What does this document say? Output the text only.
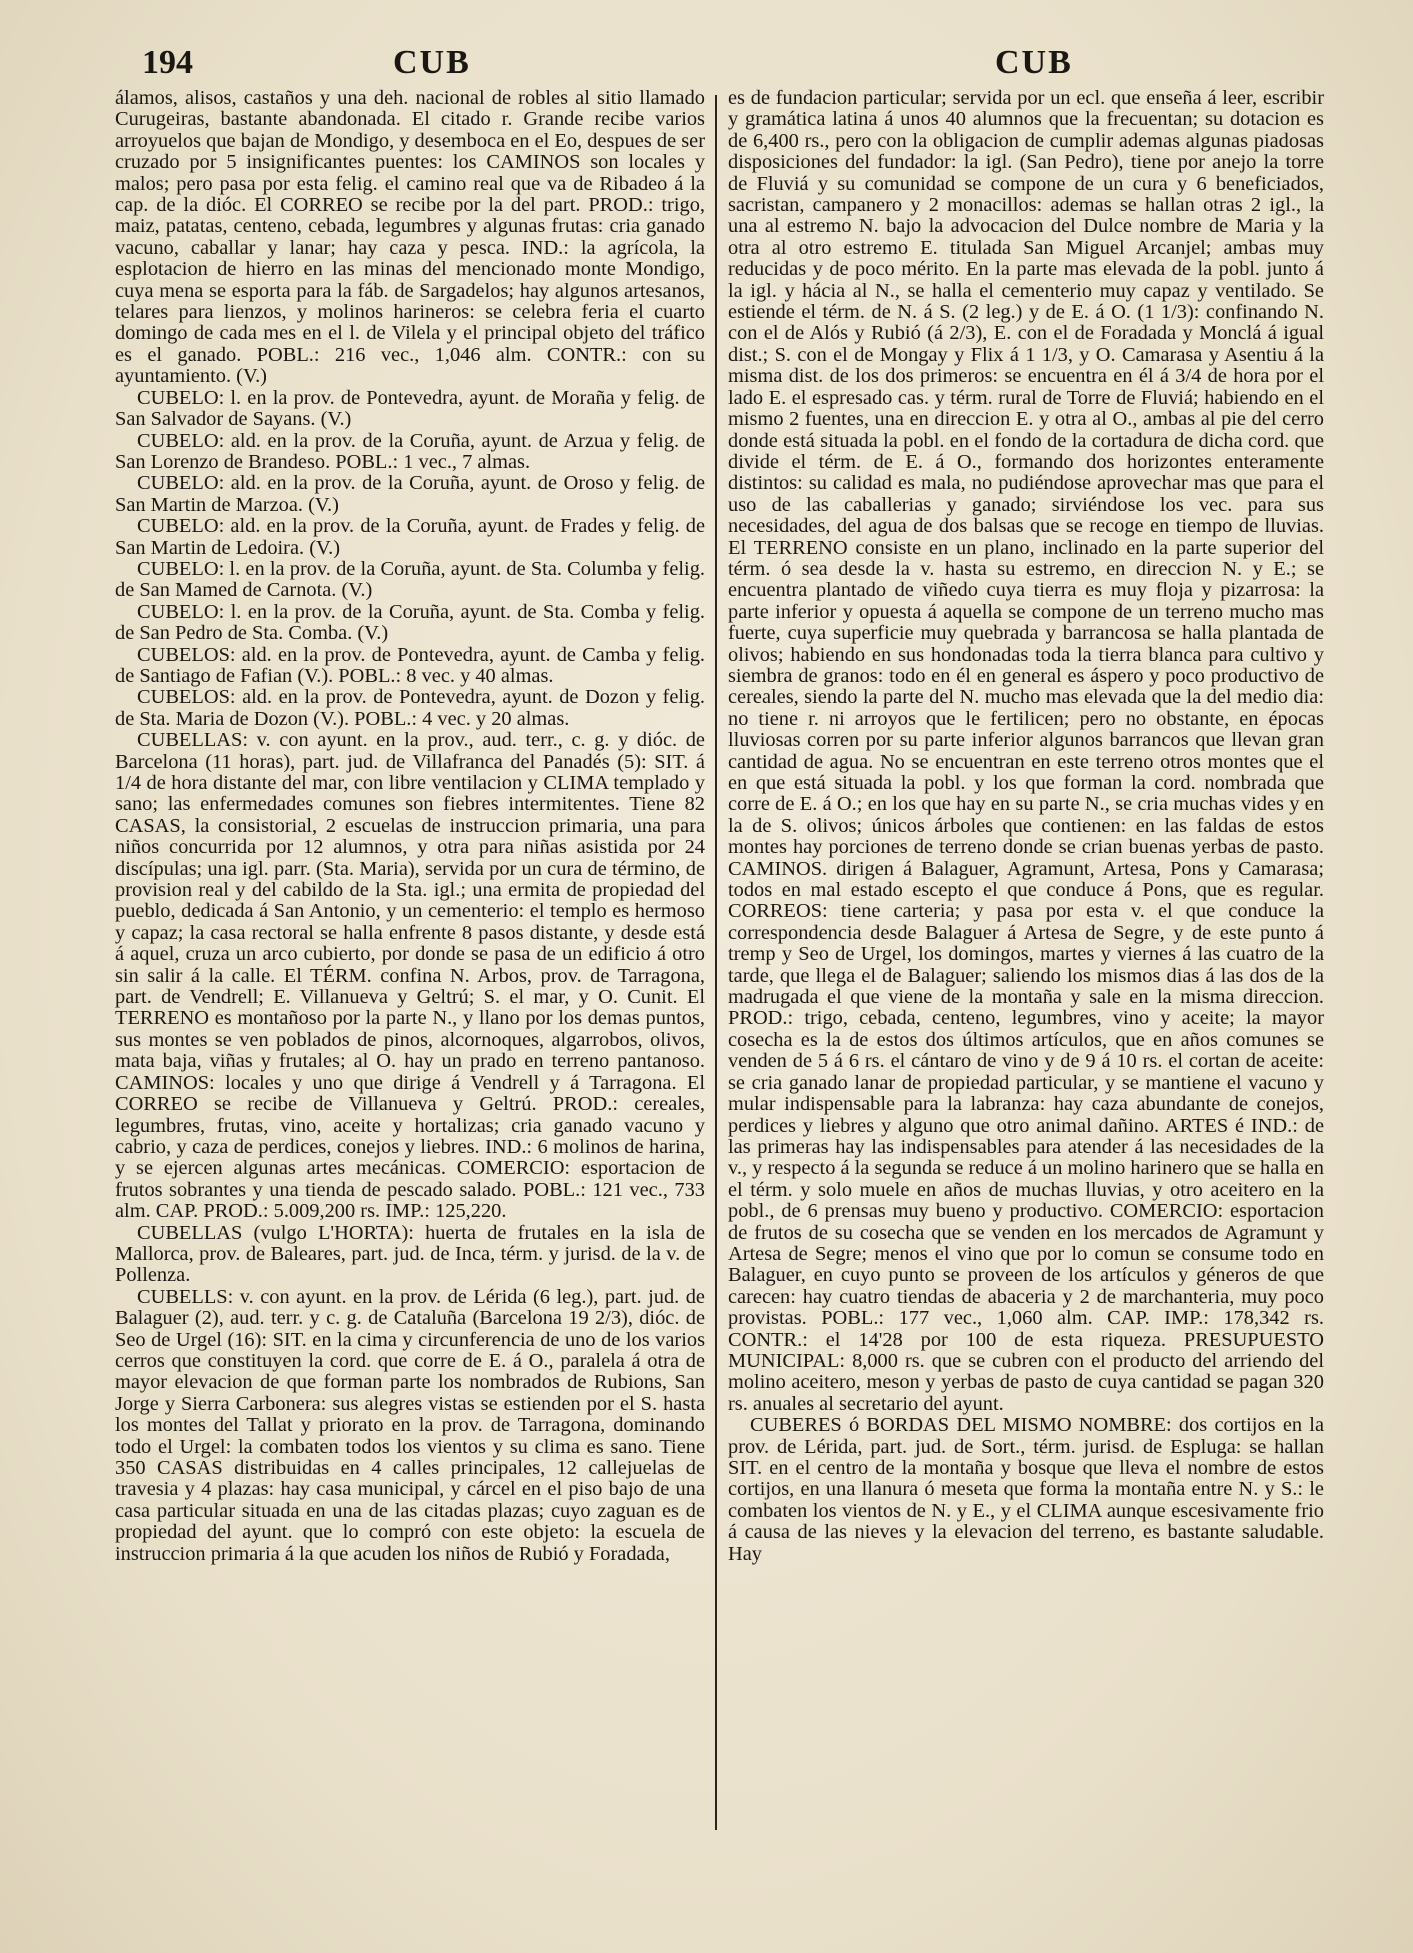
194	CUB	CUB

álamos, alisos, castaños y una deh. nacional de robles al sitio llamado Curugeiras, bastante abandonada. El citado r. Grande recibe varios arroyuelos que bajan de Mondigo, y desemboca en el Eo, despues de ser cruzado por 5 insignificantes puentes: los CAMINOS son locales y malos; pero pasa por esta felig. el camino real que va de Ribadeo á la cap. de la dióc. El CORREO se recibe por la del part. PROD.: trigo, maiz, patatas, centeno, cebada, legumbres y algunas frutas: cria ganado vacuno, caballar y lanar; hay caza y pesca. IND.: la agrícola, la esplotacion de hierro en las minas del mencionado monte Mondigo, cuya mena se esporta para la fáb. de Sargadelos; hay algunos artesanos, telares para lienzos, y molinos harineros: se celebra feria el cuarto domingo de cada mes en el l. de Vilela y el principal objeto del tráfico es el ganado. POBL.: 216 vec., 1,046 alm. CONTR.: con su ayuntamiento. (V.)

CUBELO: l. en la prov. de Pontevedra, ayunt. de Moraña y felig. de San Salvador de Sayans. (V.)

CUBELO: ald. en la prov. de la Coruña, ayunt. de Arzua y felig. de San Lorenzo de Brandeso. POBL.: 1 vec., 7 almas.

CUBELO: ald. en la prov. de la Coruña, ayunt. de Oroso y felig. de San Martin de Marzoa. (V.)

CUBELO: ald. en la prov. de la Coruña, ayunt. de Frades y felig. de San Martin de Ledoira. (V.)

CUBELO: l. en la prov. de la Coruña, ayunt. de Sta. Columba y felig. de San Mamed de Carnota. (V.)

CUBELO: l. en la prov. de la Coruña, ayunt. de Sta. Comba y felig. de San Pedro de Sta. Comba. (V.)

CUBELOS: ald. en la prov. de Pontevedra, ayunt. de Camba y felig. de Santiago de Fafian (V.). POBL.: 8 vec. y 40 almas.

CUBELOS: ald. en la prov. de Pontevedra, ayunt. de Dozon y felig. de Sta. Maria de Dozon (V.). POBL.: 4 vec. y 20 almas.

CUBELLAS: v. con ayunt. en la prov., aud. terr., c. g. y dióc. de Barcelona (11 horas), part. jud. de Villafranca del Panadés (5): SIT. á 1/4 de hora distante del mar, con libre ventilacion y CLIMA templado y sano; las enfermedades comunes son fiebres intermitentes. Tiene 82 CASAS, la consistorial, 2 escuelas de instruccion primaria, una para niños concurrida por 12 alumnos, y otra para niñas asistida por 24 discípulas; una igl. parr. (Sta. Maria), servida por un cura de término, de provision real y del cabildo de la Sta. igl.; una ermita de propiedad del pueblo, dedicada á San Antonio, y un cementerio: el templo es hermoso y capaz; la casa rectoral se halla enfrente 8 pasos distante, y desde está á aquel, cruza un arco cubierto, por donde se pasa de un edificio á otro sin salir á la calle. El TÉRM. confina N. Arbos, prov. de Tarragona, part. de Vendrell; E. Villanueva y Geltrú; S. el mar, y O. Cunit. El TERRENO es montañoso por la parte N., y llano por los demas puntos, sus montes se ven poblados de pinos, alcornoques, algarrobos, olivos, mata baja, viñas y frutales; al O. hay un prado en terreno pantanoso. CAMINOS: locales y uno que dirige á Vendrell y á Tarragona. El CORREO se recibe de Villanueva y Geltrú. PROD.: cereales, legumbres, frutas, vino, aceite y hortalizas; cria ganado vacuno y cabrio, y caza de perdices, conejos y liebres. IND.: 6 molinos de harina, y se ejercen algunas artes mecánicas. COMERCIO: esportacion de frutos sobrantes y una tienda de pescado salado. POBL.: 121 vec., 733 alm. CAP. PROD.: 5.009,200 rs. IMP.: 125,220.

CUBELLAS (vulgo L'HORTA): huerta de frutales en la isla de Mallorca, prov. de Baleares, part. jud. de Inca, térm. y jurisd. de la v. de Pollenza.

CUBELLS: v. con ayunt. en la prov. de Lérida (6 leg.), part. jud. de Balaguer (2), aud. terr. y c. g. de Cataluña (Barcelona 19 2/3), dióc. de Seo de Urgel (16): SIT. en la cima y circunferencia de uno de los varios cerros que constituyen la cord. que corre de E. á O., paralela á otra de mayor elevacion de que forman parte los nombrados de Rubions, San Jorge y Sierra Carbonera: sus alegres vistas se estienden por el S. hasta los montes del Tallat y priorato en la prov. de Tarragona, dominando todo el Urgel: la combaten todos los vientos y su clima es sano. Tiene 350 CASAS distribuidas en 4 calles principales, 12 callejuelas de travesia y 4 plazas: hay casa municipal, y cárcel en el piso bajo de una casa particular situada en una de las citadas plazas; cuyo zaguan es de propiedad del ayunt. que lo compró con este objeto: la escuela de instruccion primaria á la que acuden los niños de Rubió y Foradada,

es de fundacion particular; servida por un ecl. que enseña á leer, escribir y gramática latina á unos 40 alumnos que la frecuentan; su dotacion es de 6,400 rs., pero con la obligacion de cumplir ademas algunas piadosas disposiciones del fundador: la igl. (San Pedro), tiene por anejo la torre de Fluviá y su comunidad se compone de un cura y 6 beneficiados, sacristan, campanero y 2 monacillos: ademas se hallan otras 2 igl., la una al estremo N. bajo la advocacion del Dulce nombre de Maria y la otra al otro estremo E. titulada San Miguel Arcanjel; ambas muy reducidas y de poco mérito. En la parte mas elevada de la pobl. junto á la igl. y hácia al N., se halla el cementerio muy capaz y ventilado. Se estiende el térm. de N. á S. (2 leg.) y de E. á O. (1 1/3): confinando N. con el de Alós y Rubió (á 2/3), E. con el de Foradada y Monclá á igual dist.; S. con el de Mongay y Flix á 1 1/3, y O. Camarasa y Asentiu á la misma dist. de los dos primeros: se encuentra en él á 3/4 de hora por el lado E. el espresado cas. y térm. rural de Torre de Fluviá; habiendo en el mismo 2 fuentes, una en direccion E. y otra al O., ambas al pie del cerro donde está situada la pobl. en el fondo de la cortadura de dicha cord. que divide el térm. de E. á O., formando dos horizontes enteramente distintos: su calidad es mala, no pudiéndose aprovechar mas que para el uso de las caballerias y ganado; sirviéndose los vec. para sus necesidades, del agua de dos balsas que se recoge en tiempo de lluvias. El TERRENO consiste en un plano, inclinado en la parte superior del térm. ó sea desde la v. hasta su estremo, en direccion N. y E.; se encuentra plantado de viñedo cuya tierra es muy floja y pizarrosa: la parte inferior y opuesta á aquella se compone de un terreno mucho mas fuerte, cuya superficie muy quebrada y barrancosa se halla plantada de olivos; habiendo en sus hondonadas toda la tierra blanca para cultivo y siembra de granos: todo en él en general es áspero y poco productivo de cereales, siendo la parte del N. mucho mas elevada que la del medio dia: no tiene r. ni arroyos que le fertilicen; pero no obstante, en épocas lluviosas corren por su parte inferior algunos barrancos que llevan gran cantidad de agua. No se encuentran en este terreno otros montes que el en que está situada la pobl. y los que forman la cord. nombrada que corre de E. á O.; en los que hay en su parte N., se cria muchas vides y en la de S. olivos; únicos árboles que contienen: en las faldas de estos montes hay porciones de terreno donde se crian buenas yerbas de pasto. CAMINOS. dirigen á Balaguer, Agramunt, Artesa, Pons y Camarasa; todos en mal estado escepto el que conduce á Pons, que es regular. CORREOS: tiene carteria; y pasa por esta v. el que conduce la correspondencia desde Balaguer á Artesa de Segre, y de este punto á tremp y Seo de Urgel, los domingos, martes y viernes á las cuatro de la tarde, que llega el de Balaguer; saliendo los mismos dias á las dos de la madrugada el que viene de la montaña y sale en la misma direccion. PROD.: trigo, cebada, centeno, legumbres, vino y aceite; la mayor cosecha es la de estos dos últimos artículos, que en años comunes se venden de 5 á 6 rs. el cántaro de vino y de 9 á 10 rs. el cortan de aceite: se cria ganado lanar de propiedad particular, y se mantiene el vacuno y mular indispensable para la labranza: hay caza abundante de conejos, perdices y liebres y alguno que otro animal dañino. ARTES é IND.: de las primeras hay las indispensables para atender á las necesidades de la v., y respecto á la segunda se reduce á un molino harinero que se halla en el térm. y solo muele en años de muchas lluvias, y otro aceitero en la pobl., de 6 prensas muy bueno y productivo. COMERCIO: esportacion de frutos de su cosecha que se venden en los mercados de Agramunt y Artesa de Segre; menos el vino que por lo comun se consume todo en Balaguer, en cuyo punto se proveen de los artículos y géneros de que carecen: hay cuatro tiendas de abaceria y 2 de marchanteria, muy poco provistas. POBL.: 177 vec., 1,060 alm. CAP. IMP.: 178,342 rs. CONTR.: el 14'28 por 100 de esta riqueza. PRESUPUESTO MUNICIPAL: 8,000 rs. que se cubren con el producto del arriendo del molino aceitero, meson y yerbas de pasto de cuya cantidad se pagan 320 rs. anuales al secretario del ayunt.

CUBERES ó BORDAS DEL MISMO NOMBRE: dos cortijos en la prov. de Lérida, part. jud. de Sort., térm. jurisd. de Espluga: se hallan SIT. en el centro de la montaña y bosque que lleva el nombre de estos cortijos, en una llanura ó meseta que forma la montaña entre N. y S.: le combaten los vientos de N. y E., y el CLIMA aunque escesivamente frio á causa de las nieves y la elevacion del terreno, es bastante saludable. Hay
